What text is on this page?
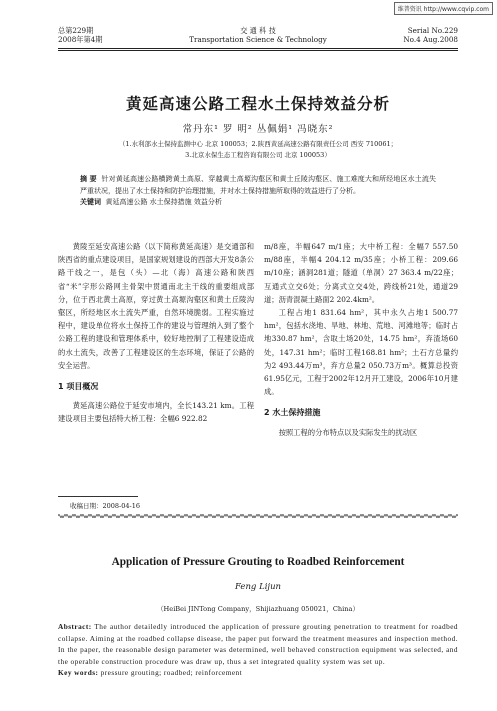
维普资讯 http://www.cqvip.com
总第229期
2008年第4期
交 通 科 技
Transportation Science & Technology
Serial No.229
No.4 Aug.2008
黄延高速公路工程水土保持效益分析
常丹东¹ 罗 明² 丛佩娟¹ 冯晓东²
（1.水利部水土保持监测中心 北京 100053；2.陕西黄延高速公路有限责任公司 西安 710061；
3.北京水保生态工程咨询有限公司 北京 100053）
摘 要 针对黄延高速公路横跨黄土高原、穿越黄土高塬沟壑区和黄土丘陵沟壑区、施工难度大和所经地区水土流失严重状况，提出了水土保持和防护治理措施，并对水土保持措施所取得的效益进行了分析。
关键词 黄延高速公路 水土保持措施 效益分析

黄陵至延安高速公路（以下简称黄延高速）是交通部和陕西省的重点建设项目，是国家规划建设的西部大开发8条公路干线之一，是包（头）—北（海）高速公路和陕西省“米”字形公路网主骨架中贯通南北主干线的重要组成部分，位于西北黄土高原，穿过黄土高塬沟壑区和黄土丘陵沟壑区，所经地区水土流失严重，自然环境脆弱。工程实施过程中，建设单位将水土保持工作的建设与管理纳入到了整个公路工程的建设和管理体系中，较好地控制了工程建设造成的水土流失，改善了工程建设区的生态环境，保证了公路的安全运营。

1 项目概况

黄延高速公路位于延安市境内，全长143.21 km。工程建设项目主要包括特大桥工程：全幅6 922.82

m/8座，半幅647 m/1座；大中桥工程：全幅7 557.50 m/88座，半幅4 204.12 m/35座；小桥工程：209.66 m/10座；涵洞281道；隧道（单洞）27 363.4 m/22座；互通式立交6处；分离式立交4处，跨线桥21处，通道29道；沥青混凝土路面2 202.4km²。

工程占地1 831.64 hm²，其中永久占地1 500.77 hm²，包括水浇地、旱地、林地、荒地、河滩地等；临时占地330.87 hm²，含取土场20处，14.75 hm²，弃渣场60处，147.31 hm²；临时工程168.81 hm²；土石方总量约为2 493.44万m³，弃方总量2 050.73万m³。概算总投资61.95亿元，工程于2002年12月开工建设，2006年10月建成。

2 水土保持措施

按照工程的分布特点以及实际发生的扰动区

收稿日期：2008-04-16
Application of Pressure Grouting to Roadbed Reinforcement
Feng Lijun
（HeiBei JINTong Company，Shijiazhuang 050021，China）
Abstract: The author detailedly introduced the application of pressure grouting penetration to treatment for roadbed collapse. Aiming at the roadbed collapse disease, the paper put forward the treatment measures and inspection method. In the paper, the reasonable design parameter was determined, well behaved construction equipment was selected, and the operable construction procedure was draw up, thus a set integrated quality system was set up.
Key words: pressure grouting; roadbed; reinforcement
